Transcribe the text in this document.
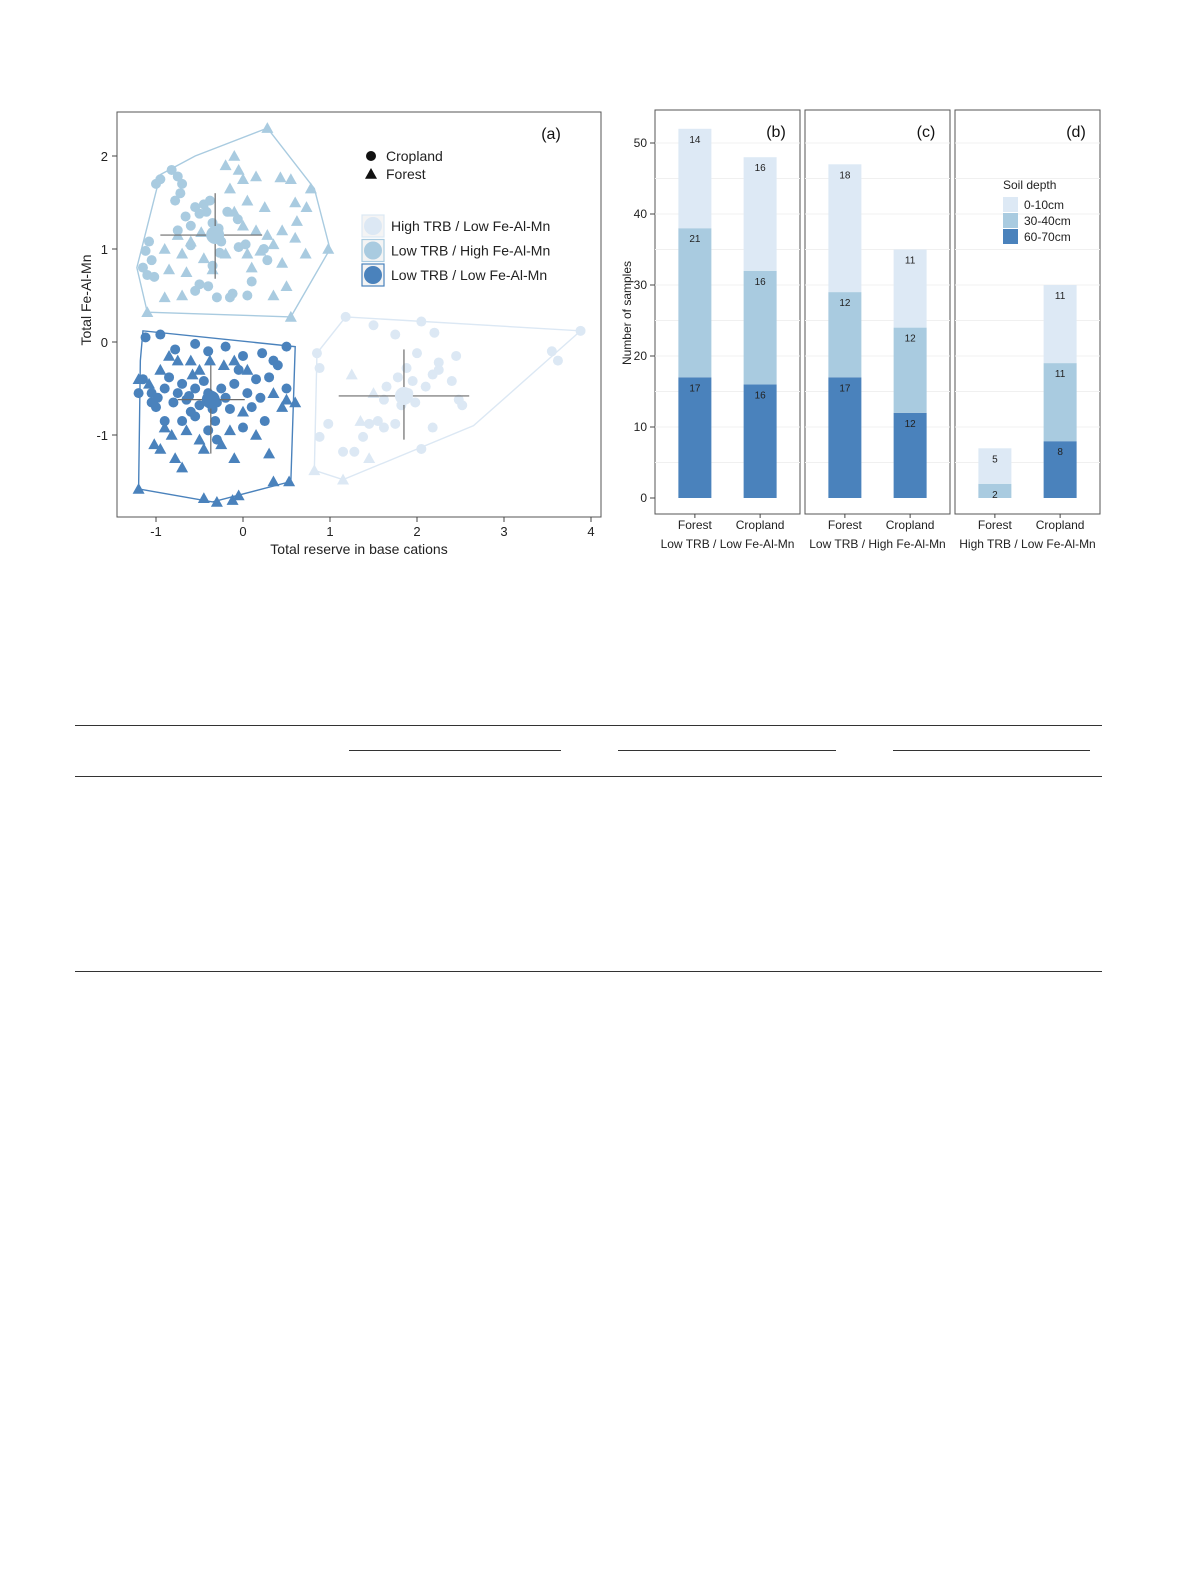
-1	0	1	2	3	4
-1
0
1
2
Total reserve in base cations
Total Fe-Al-Mn
(a)
Cropland
Forest
High TRB / Low Fe-Al-Mn
Low TRB / High Fe-Al-Mn
Low TRB / Low Fe-Al-Mn
17
21
14
Forest
16
16
16
Cropland
Low TRB / Low Fe-Al-Mn
(b)
17
12
18
Forest
12
12
11
Cropland
Low TRB / High Fe-Al-Mn
(c)
2
5
Forest
8
11
11
Cropland
High TRB / Low Fe-Al-Mn
(d)
0
10
20
30
40
50
Number of samples
Soil depth
0-10cm
30-40cm
60-70cm
